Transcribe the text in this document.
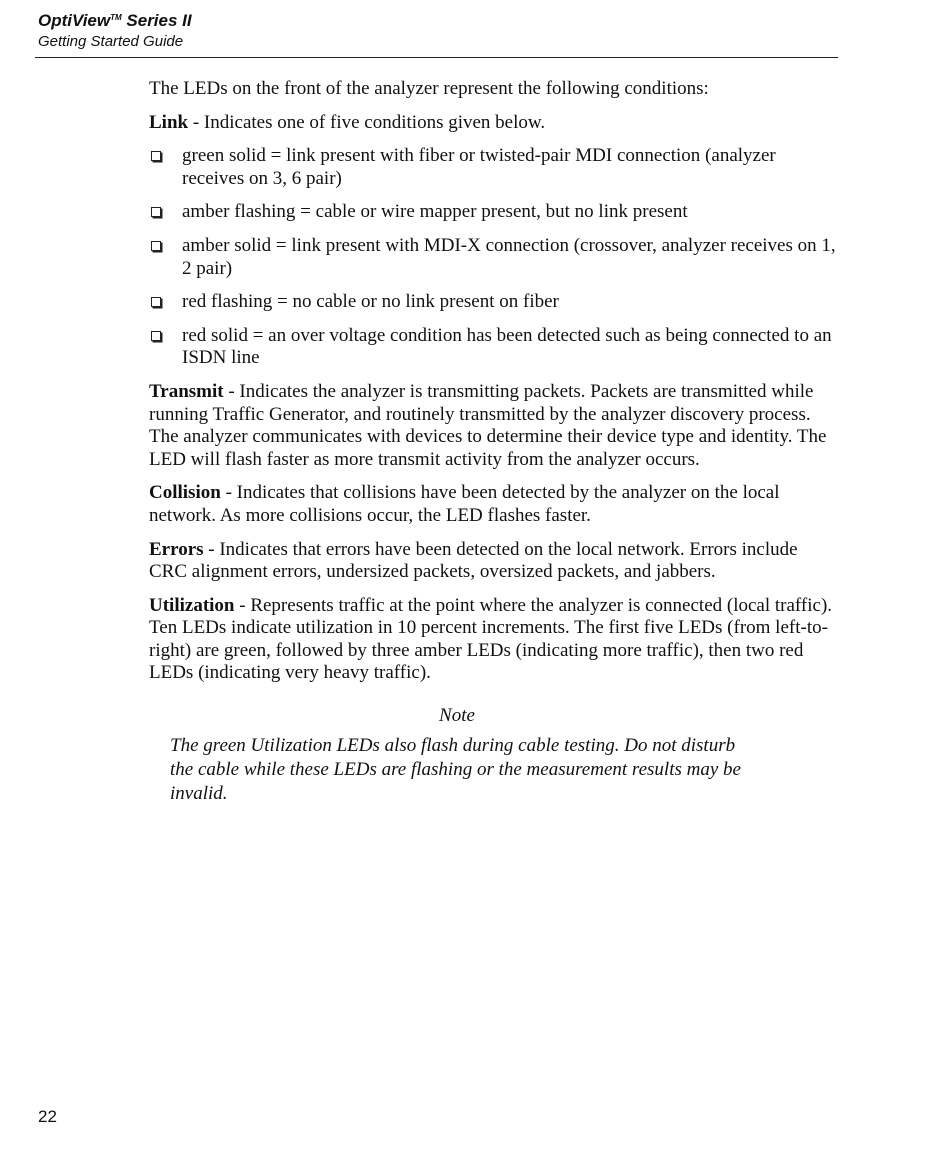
OptiView™ Series II
Getting Started Guide

The LEDs on the front of the analyzer represent the following conditions:

Link - Indicates one of five conditions given below.

green solid = link present with fiber or twisted-pair MDI connection (analyzer receives on 3, 6 pair)
amber flashing = cable or wire mapper present, but no link present
amber solid = link present with MDI-X connection (crossover, analyzer receives on 1, 2 pair)
red flashing = no cable or no link present on fiber
red solid = an over voltage condition has been detected such as being connected to an ISDN line

Transmit - Indicates the analyzer is transmitting packets. Packets are transmitted while running Traffic Generator, and routinely transmitted by the analyzer discovery process. The analyzer communicates with devices to determine their device type and identity. The LED will flash faster as more transmit activity from the analyzer occurs.

Collision - Indicates that collisions have been detected by the analyzer on the local network. As more collisions occur, the LED flashes faster.

Errors - Indicates that errors have been detected on the local network. Errors include CRC alignment errors, undersized packets, oversized packets, and jabbers.

Utilization - Represents traffic at the point where the analyzer is connected (local traffic). Ten LEDs indicate utilization in 10 percent increments. The first five LEDs (from left-to-right) are green, followed by three amber LEDs (indicating more traffic), then two red LEDs (indicating very heavy traffic).

Note
The green Utilization LEDs also flash during cable testing. Do not disturb the cable while these LEDs are flashing or the measurement results may be invalid.
22
